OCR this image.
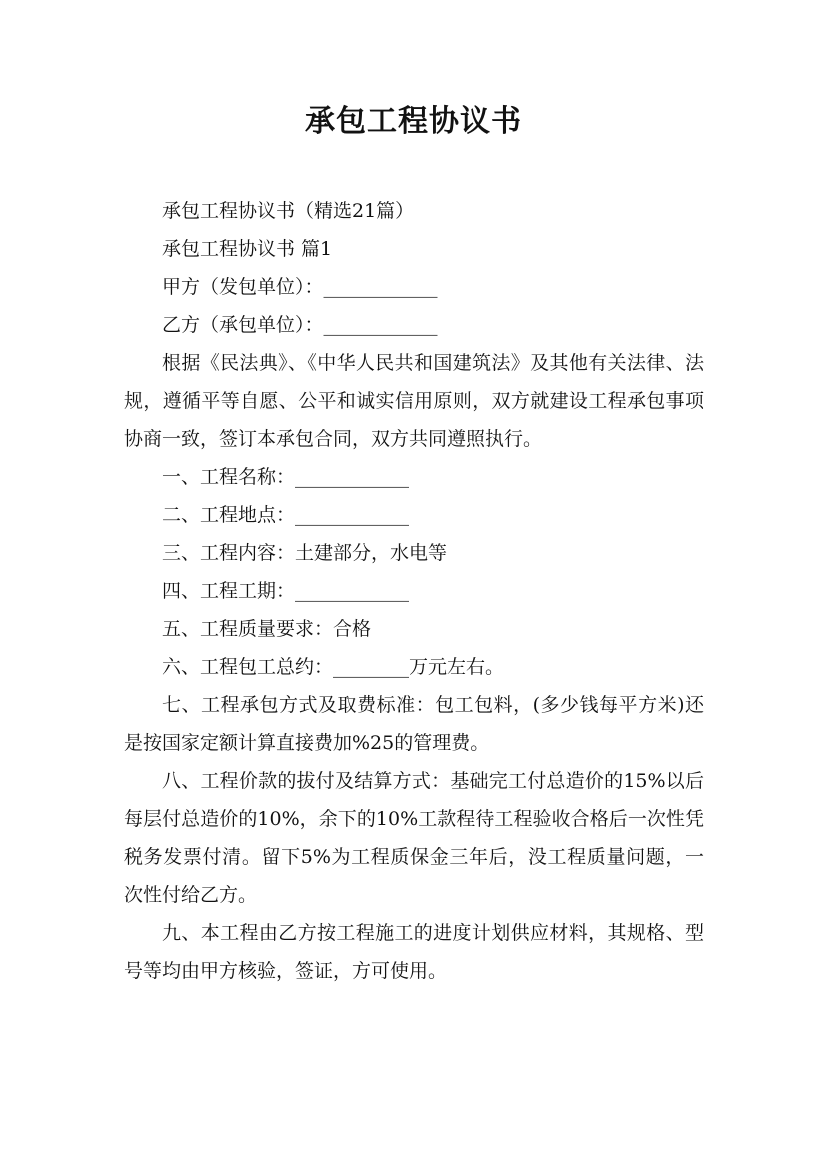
承包工程协议书

承包工程协议书（精选21篇）

承包工程协议书 篇1

甲方（发包单位）：____________

乙方（承包单位）：____________

根据《民法典》、《中华人民共和国建筑法》及其他有关法律、法规，遵循平等自愿、公平和诚实信用原则，双方就建设工程承包事项协商一致，签订本承包合同，双方共同遵照执行。

一、工程名称：____________

二、工程地点：____________

三、工程内容：土建部分，水电等

四、工程工期：____________

五、工程质量要求：合格

六、工程包工总约：________万元左右。

七、工程承包方式及取费标准：包工包料，(多少钱每平方米)还是按国家定额计算直接费加%25的管理费。

八、工程价款的拔付及结算方式：基础完工付总造价的15%以后每层付总造价的10%，余下的10%工款程待工程验收合格后一次性凭税务发票付清。留下5%为工程质保金三年后，没工程质量问题，一次性付给乙方。

九、本工程由乙方按工程施工的进度计划供应材料，其规格、型号等均由甲方核验，签证，方可使用。
